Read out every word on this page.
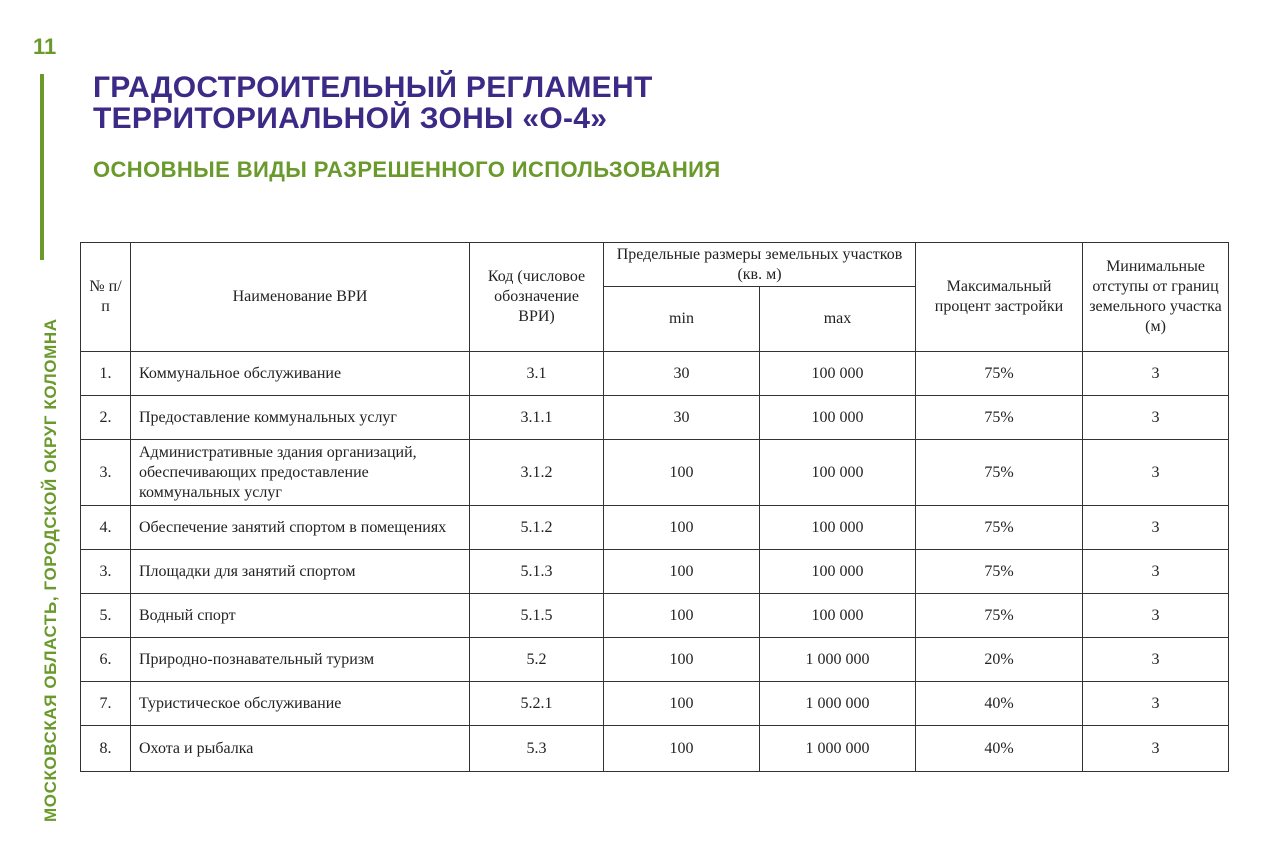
11
МОСКОВСКАЯ ОБЛАСТЬ, ГОРОДСКОЙ ОКРУГ КОЛОМНА
ГРАДОСТРОИТЕЛЬНЫЙ РЕГЛАМЕНТ
ТЕРРИТОРИАЛЬНОЙ ЗОНЫ «О-4»
ОСНОВНЫЕ ВИДЫ РАЗРЕШЕННОГО ИСПОЛЬЗОВАНИЯ
№ п/п	Наименование ВРИ	Код (числовое обозначение ВРИ)	Предельные размеры земельных участков (кв. м)		Максимальный процент застройки	Минимальные отступы от границ земельного участка (м)
			min	max		
1.	Коммунальное обслуживание	3.1	30	100 000	75%	3
2.	Предоставление коммунальных услуг	3.1.1	30	100 000	75%	3
3.	Административные здания организаций, обеспечивающих предоставление коммунальных услуг	3.1.2	100	100 000	75%	3
4.	Обеспечение занятий спортом в помещениях	5.1.2	100	100 000	75%	3
3.	Площадки для занятий спортом	5.1.3	100	100 000	75%	3
5.	Водный спорт	5.1.5	100	100 000	75%	3
6.	Природно-познавательный туризм	5.2	100	1 000 000	20%	3
7.	Туристическое обслуживание	5.2.1	100	1 000 000	40%	3
8.	Охота и рыбалка	5.3	100	1 000 000	40%	3
